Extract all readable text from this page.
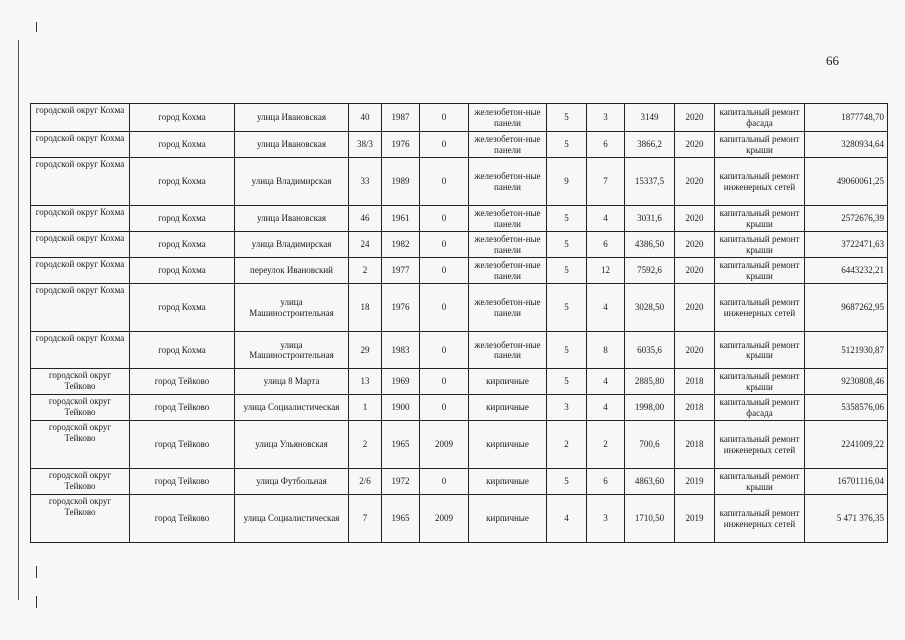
66
городской округ Кохма	город Кохма	улица Ивановская	40	1987	0	железобетон-ные панели	5	3	3149	2020	капитальный ремонт фасада	1877748,70

городской округ Кохма	город Кохма	улица Ивановская	38/3	1976	0	железобетон-ные панели	5	6	3866,2	2020	капитальный ремонт крыши	3280934,64

городской округ Кохма	город Кохма	улица Владимирская	33	1989	0	железобетон-ные панели	9	7	15337,5	2020	капитальный ремонт инженерных сетей	49060061,25

городской округ Кохма	город Кохма	улица Ивановская	46	1961	0	железобетон-ные панели	5	4	3031,6	2020	капитальный ремонт крыши	2572676,39

городской округ Кохма	город Кохма	улица Владимирская	24	1982	0	железобетон-ные панели	5	6	4386,50	2020	капитальный ремонт крыши	3722471,63

городской округ Кохма	город Кохма	переулок Ивановский	2	1977	0	железобетон-ные панели	5	12	7592,6	2020	капитальный ремонт крыши	6443232,21

городской округ Кохма	город Кохма	улица Машиностроительная	18	1976	0	железобетон-ные панели	5	4	3028,50	2020	капитальный ремонт инженерных сетей	9687262,95

городской округ Кохма	город Кохма	улица Машиностроительная	29	1983	0	железобетон-ные панели	5	8	6035,6	2020	капитальный ремонт крыши	5121930,87

городской округ Тейково	город Тейково	улица 8 Марта	13	1969	0	кирпичные	5	4	2885,80	2018	капитальный ремонт крыши	9230808,46

городской округ Тейково	город Тейково	улица Социалистическая	1	1900	0	кирпичные	3	4	1998,00	2018	капитальный ремонт фасада	5358576,06

городской округ Тейково	город Тейково	улица Ульяновская	2	1965	2009	кирпичные	2	2	700,6	2018	капитальный ремонт инженерных сетей	2241009,22

городской округ Тейково	город Тейково	улица Футбольная	2/6	1972	0	кирпичные	5	6	4863,60	2019	капитальный ремонт крыши	16701116,04

городской округ Тейково	город Тейково	улица Социалистическая	7	1965	2009	кирпичные	4	3	1710,50	2019	капитальный ремонт инженерных сетей	5 471 376,35
